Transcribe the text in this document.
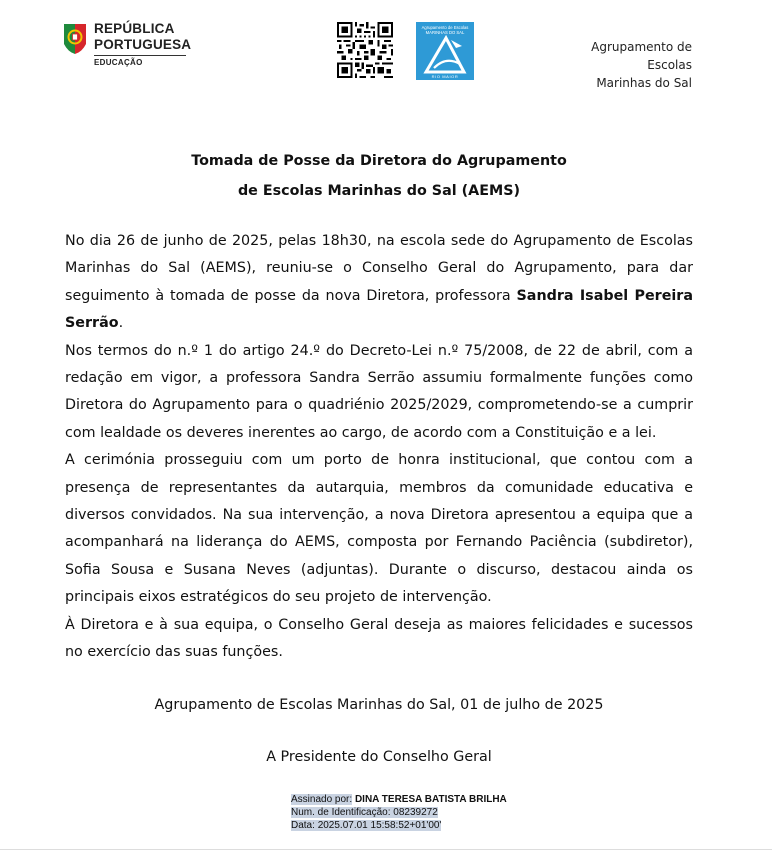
REPÚBLICA
PORTUGUESA
EDUCAÇÃO
Agrupamento de Escolas
MARINHAS DO SAL
RIO MAIOR
Agrupamento de
Escolas
Marinhas do Sal
Tomada de Posse da Diretora do Agrupamento
de Escolas Marinhas do Sal (AEMS)

No dia 26 de junho de 2025, pelas 18h30, na escola sede do Agrupamento de Escolas Marinhas do Sal (AEMS), reuniu-se o Conselho Geral do Agrupamento, para dar seguimento à tomada de posse da nova Diretora, professora Sandra Isabel Pereira Serrão.

Nos termos do n.º 1 do artigo 24.º do Decreto-Lei n.º 75/2008, de 22 de abril, com a redação em vigor, a professora Sandra Serrão assumiu formalmente funções como Diretora do Agrupamento para o quadriénio 2025/2029, comprometendo-se a cumprir com lealdade os deveres inerentes ao cargo, de acordo com a Constituição e a lei.

A cerimónia prosseguiu com um porto de honra institucional, que contou com a presença de representantes da autarquia, membros da comunidade educativa e diversos convidados. Na sua intervenção, a nova Diretora apresentou a equipa que a acompanhará na liderança do AEMS, composta por Fernando Paciência (subdiretor), Sofia Sousa e Susana Neves (adjuntas). Durante o discurso, destacou ainda os principais eixos estratégicos do seu projeto de intervenção.

À Diretora e à sua equipa, o Conselho Geral deseja as maiores felicidades e sucessos no exercício das suas funções.

Agrupamento de Escolas Marinhas do Sal, 01 de julho de 2025
A Presidente do Conselho Geral
Assinado por: DINA TERESA BATISTA BRILHA
Num. de Identificação: 08239272
Data: 2025.07.01 15:58:52+01'00'
